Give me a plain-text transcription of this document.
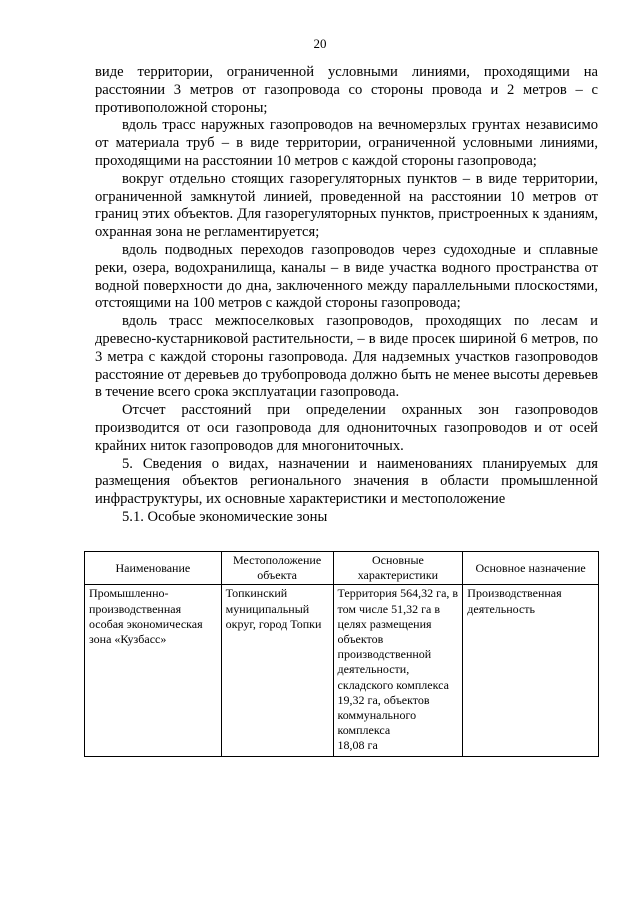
20

виде территории, ограниченной условными линиями, проходящими на расстоянии 3 метров от газопровода со стороны провода и 2 метров – с противоположной стороны;

вдоль трасс наружных газопроводов на вечномерзлых грунтах независимо от материала труб – в виде территории, ограниченной условными линиями, проходящими на расстоянии 10 метров с каждой стороны газопровода;

вокруг отдельно стоящих газорегуляторных пунктов – в виде территории, ограниченной замкнутой линией, проведенной на расстоянии 10 метров от границ этих объектов. Для газорегуляторных пунктов, пристроенных к зданиям, охранная зона не регламентируется;

вдоль подводных переходов газопроводов через судоходные и сплавные реки, озера, водохранилища, каналы – в виде участка водного пространства от водной поверхности до дна, заключенного между параллельными плоскостями, отстоящими на 100 метров с каждой стороны газопровода;

вдоль трасс межпоселковых газопроводов, проходящих по лесам и древесно-кустарниковой растительности, – в виде просек шириной 6 метров, по 3 метра с каждой стороны газопровода. Для надземных участков газопроводов расстояние от деревьев до трубопровода должно быть не менее высоты деревьев в течение всего срока эксплуатации газопровода.

Отсчет расстояний при определении охранных зон газопроводов производится от оси газопровода для однониточных газопроводов и от осей крайних ниток газопроводов для многониточных.

5. Сведения о видах, назначении и наименованиях планируемых для размещения объектов регионального значения в области промышленной инфраструктуры, их основные характеристики и местоположение

5.1. Особые экономические зоны

Наименование	Местоположение объекта	Основные характеристики	Основное назначение
Промышленно-производственная особая экономическая зона «Кузбасс»	Топкинский муниципальный округ, город Топки	Территория 564,32 га, в том числе 51,32 га в целях размещения объектов производственной деятельности, складского комплекса
19,32 га, объектов коммунального комплекса
18,08 га	Производственная деятельность
